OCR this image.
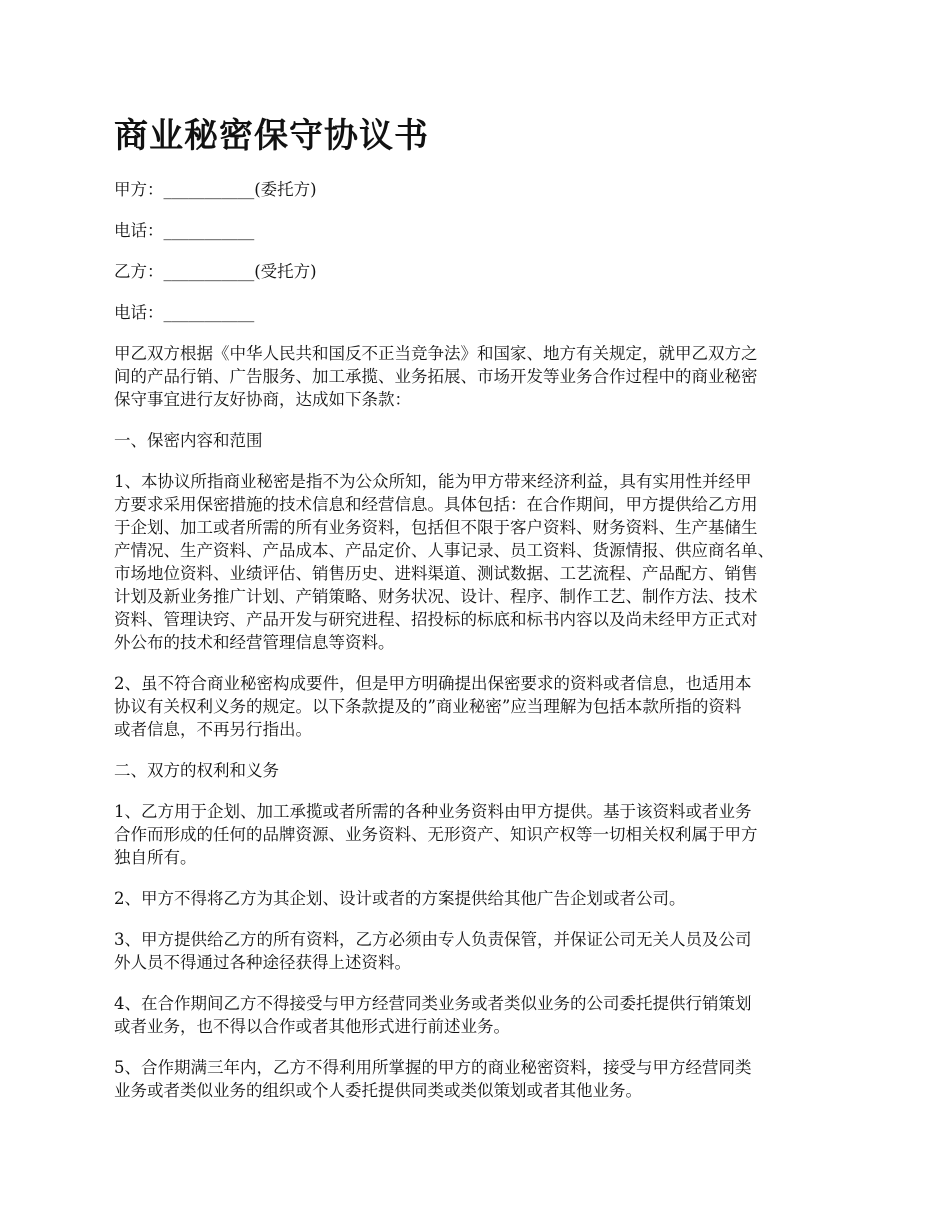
商业秘密保守协议书
甲方：___________(委托方)
电话：___________
乙方：___________(受托方)
电话：___________
甲乙双方根据《中华人民共和国反不正当竞争法》和国家、地方有关规定，就甲乙双方之
间的产品行销、广告服务、加工承揽、业务拓展、市场开发等业务合作过程中的商业秘密
保守事宜进行友好协商，达成如下条款：
一、保密内容和范围
1、本协议所指商业秘密是指不为公众所知，能为甲方带来经济利益，具有实用性并经甲
方要求采用保密措施的技术信息和经营信息。具体包括：在合作期间，甲方提供给乙方用
于企划、加工或者所需的所有业务资料，包括但不限于客户资料、财务资料、生产基储生
产情况、生产资料、产品成本、产品定价、人事记录、员工资料、货源情报、供应商名单、
市场地位资料、业绩评估、销售历史、进料渠道、测试数据、工艺流程、产品配方、销售
计划及新业务推广计划、产销策略、财务状况、设计、程序、制作工艺、制作方法、技术
资料、管理诀窍、产品开发与研究进程、招投标的标底和标书内容以及尚未经甲方正式对
外公布的技术和经营管理信息等资料。
2、虽不符合商业秘密构成要件，但是甲方明确提出保密要求的资料或者信息，也适用本
协议有关权利义务的规定。以下条款提及的”商业秘密”应当理解为包括本款所指的资料
或者信息，不再另行指出。
二、双方的权利和义务
1、乙方用于企划、加工承揽或者所需的各种业务资料由甲方提供。基于该资料或者业务
合作而形成的任何的品牌资源、业务资料、无形资产、知识产权等一切相关权利属于甲方
独自所有。
2、甲方不得将乙方为其企划、设计或者的方案提供给其他广告企划或者公司。
3、甲方提供给乙方的所有资料，乙方必须由专人负责保管，并保证公司无关人员及公司
外人员不得通过各种途径获得上述资料。
4、在合作期间乙方不得接受与甲方经营同类业务或者类似业务的公司委托提供行销策划
或者业务，也不得以合作或者其他形式进行前述业务。
5、合作期满三年内，乙方不得利用所掌握的甲方的商业秘密资料，接受与甲方经营同类
业务或者类似业务的组织或个人委托提供同类或类似策划或者其他业务。
